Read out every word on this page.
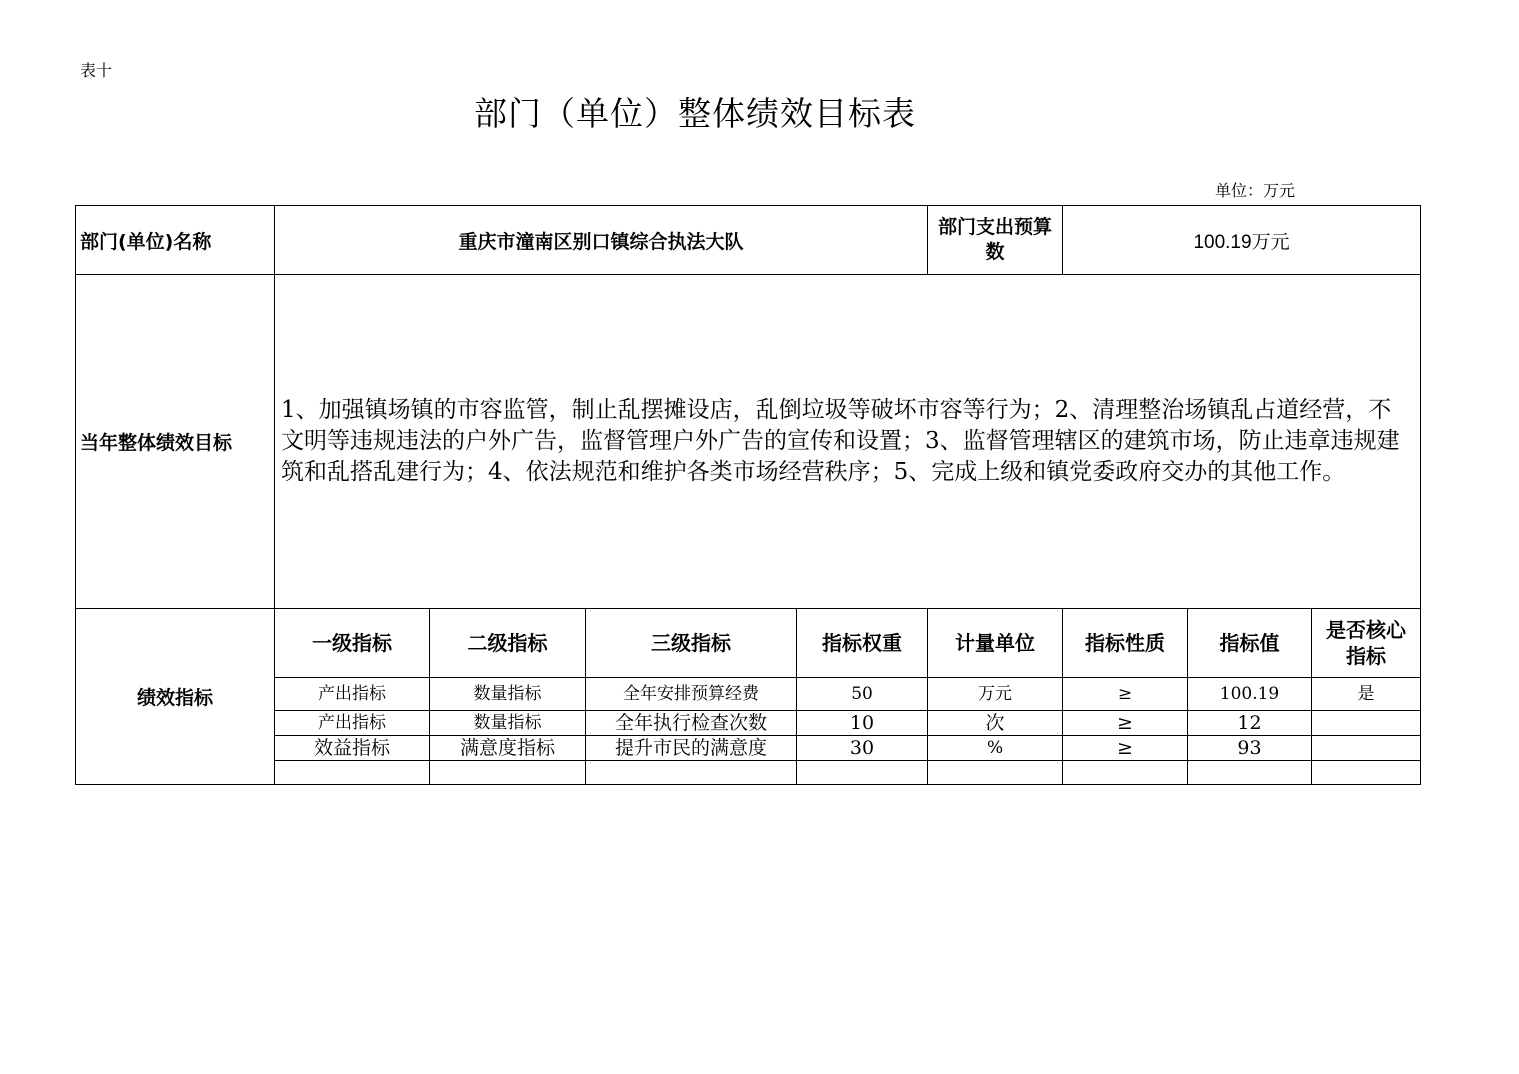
表十
部门（单位）整体绩效目标表
单位：万元
部门(单位)名称	重庆市潼南区别口镇综合执法大队				部门支出预算数	100.19万元		
当年整体绩效目标	1、加强镇场镇的市容监管，制止乱摆摊设店，乱倒垃圾等破坏市容等行为；2、清理整治场镇乱占道经营，不文明等违规违法的户外广告，监督管理户外广告的宣传和设置；3、监督管理辖区的建筑市场，防止违章违规建筑和乱搭乱建行为；4、依法规范和维护各类市场经营秩序；5、完成上级和镇党委政府交办的其他工作。							
绩效指标	一级指标	二级指标	三级指标	指标权重	计量单位	指标性质	指标值	是否核心指标
	产出指标	数量指标	全年安排预算经费	50	万元	≥	100.19	是
	产出指标	数量指标	全年执行检查次数	10	次	≥	12	
	效益指标	满意度指标	提升市民的满意度	30	%	≥	93	
